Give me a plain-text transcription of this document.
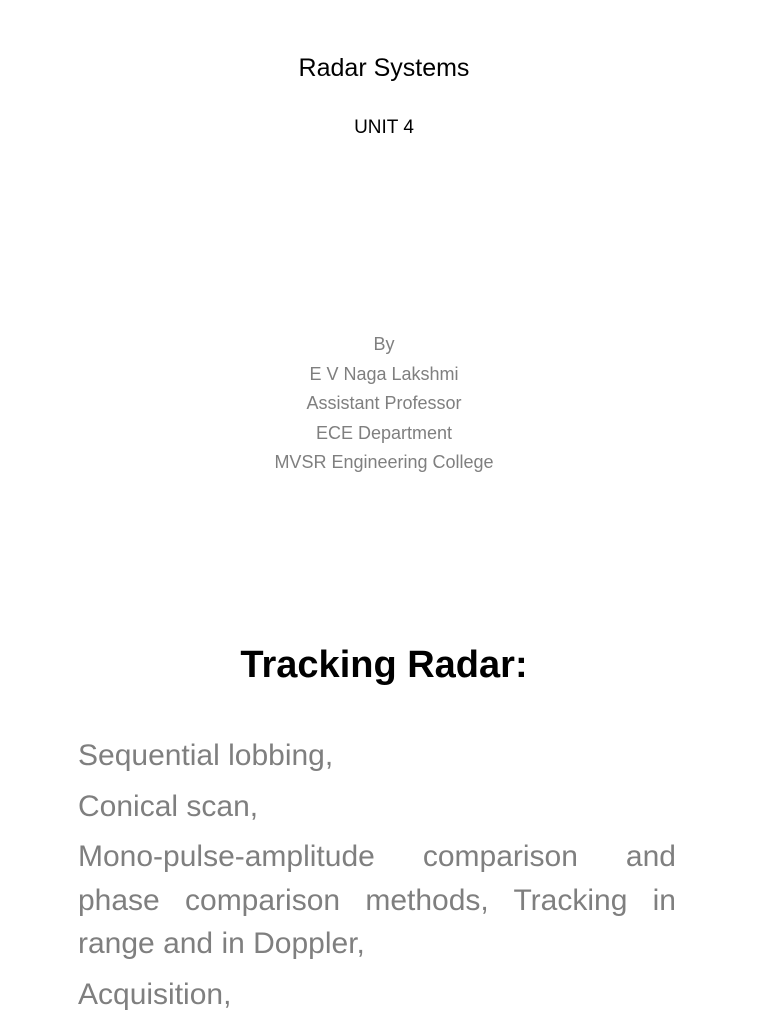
Radar Systems
UNIT 4
By
E V Naga Lakshmi
Assistant Professor
ECE Department
MVSR Engineering College
Tracking Radar:
Sequential lobbing,
Conical scan,
Mono-pulse-amplitude comparison and phase comparison methods, Tracking in range and in Doppler,
Acquisition,
